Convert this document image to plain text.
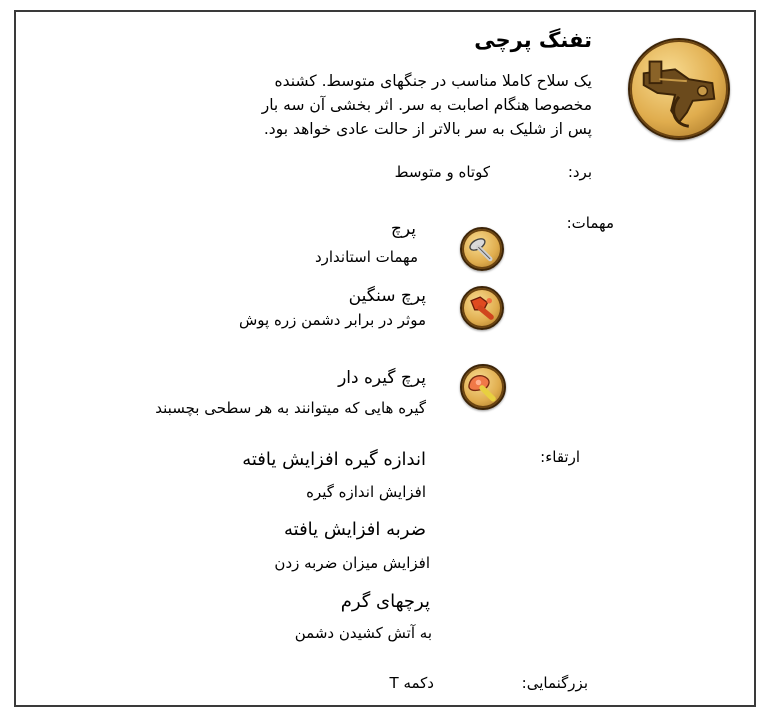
تفنگ پرچی
یک سلاح کاملا مناسب در جنگهای متوسط. کشنده
مخصوصا هنگام اصابت به سر. اثر بخشی آن سه بار
پس از شلیک به سر بالاتر از حالت عادی خواهد بود.
برد:
کوتاه و متوسط
مهمات:
پرچ
مهمات استاندارد
پرچ سنگین
موثر در برابر دشمن زره پوش
پرچ گیره دار
گیره هایی که میتوانند به هر سطحی بچسبند
ارتقاء:
اندازه گیره افزایش یافته
افزایش اندازه گیره
ضربه افزایش یافته
افزایش میزان ضربه زدن
پرچهای گرم
به آتش کشیدن دشمن
بزرگنمایی:
دکمه T
